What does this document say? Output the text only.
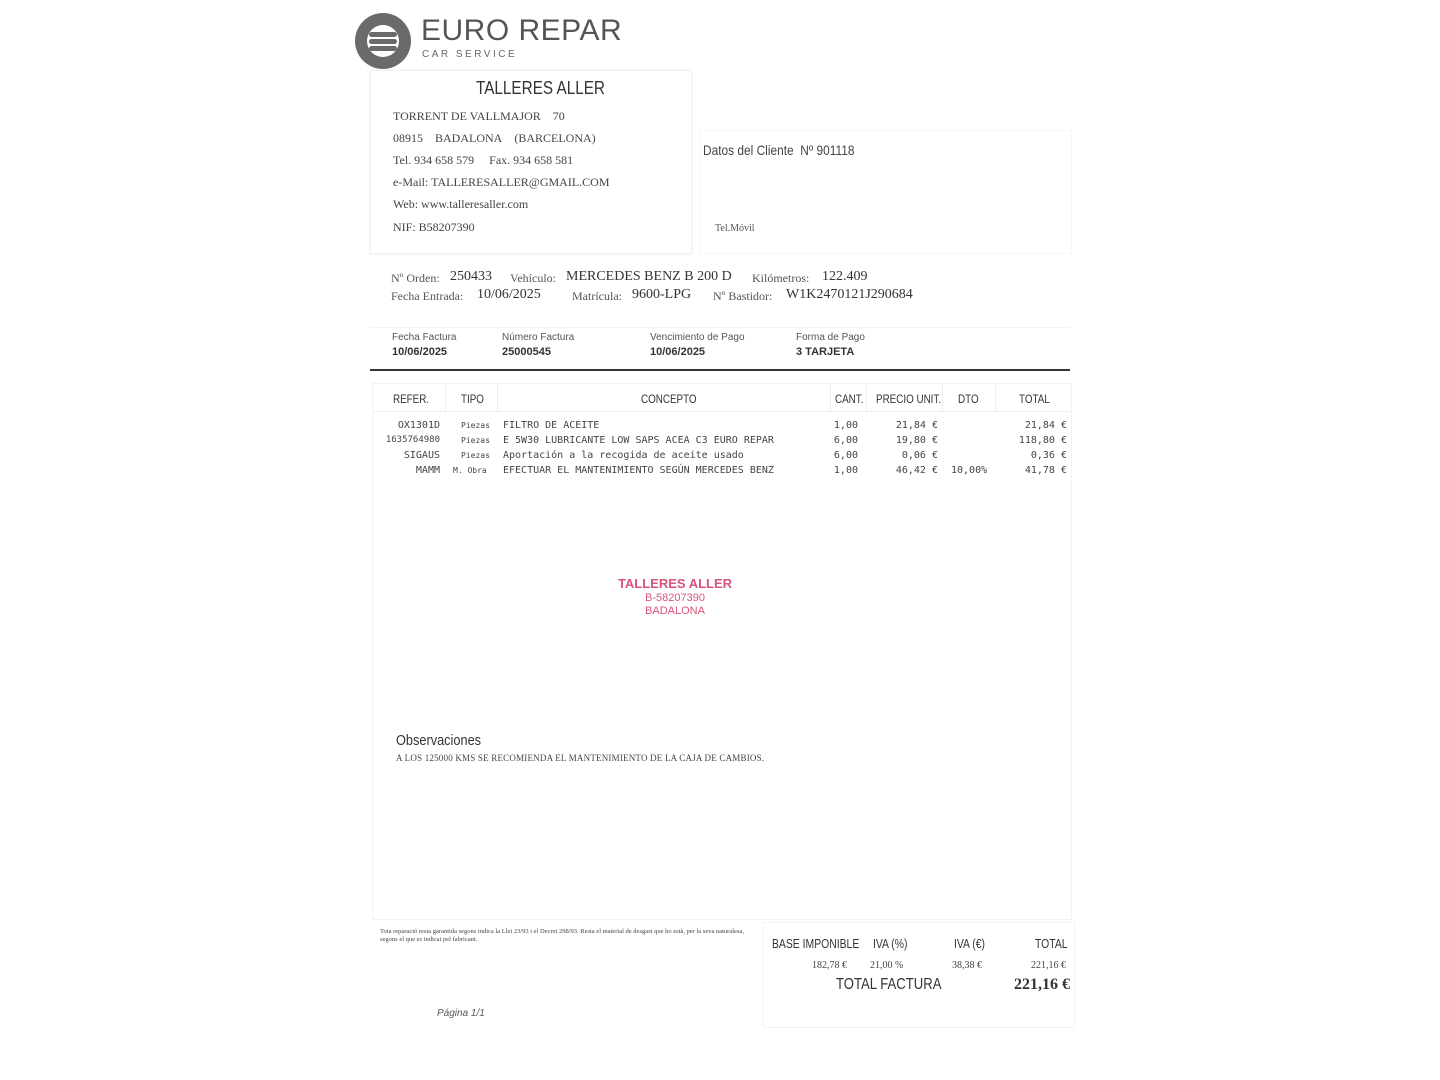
EURO REPAR
CAR SERVICE
TALLERES ALLER
TORRENT DE VALLMAJOR 70
08915 BADALONA (BARCELONA)
Tel. 934 658 579 Fax. 934 658 581
e-Mail: TALLERESALLER@GMAIL.COM
Web: www.talleresaller.com
NIF: B58207390
Datos del Cliente Nº 901118
Tel.Móvil
Nº Orden: 250433 Vehículo: MERCEDES BENZ B 200 D Kilómetros: 122.409
Fecha Entrada: 10/06/2025	Matrícula: 9600-LPG Nº Bastidor: W1K2470121J290684
Fecha Factura
10/06/2025
Número Factura
25000545
Vencimiento de Pago
10/06/2025
Forma de Pago
3 TARJETA
REFER.	TIPO	CONCEPTO	CANT. PRECIO UNIT. DTO	TOTAL
OX1301D	Piezas FILTRO DE ACEITE	1,00	21,84 €	21,84 €
1635764980	Piezas E 5W30 LUBRICANTE LOW SAPS ACEA C3 EURO REPAR	6,00	19,80 €	118,80 €
SIGAUS	Piezas Aportación a la recogida de aceite usado	6,00	0,06 €	0,36 €
MAMM M. Obra EFECTUAR EL MANTENIMIENTO SEGÚN MERCEDES BENZ	1,00	46,42 € 10,00%	41,78 €
TALLERES ALLER
B-58207390
BADALONA
Observaciones
A LOS 125000 KMS SE RECOMIENDA EL MANTENIMIENTO DE LA CAJA DE CAMBIOS.
Tota reparació resta garantida segons indica la Llei 23/93 i el Decret 298/93. Resta el material de desgast que ho està, per la seva naturalesa, segons el que es indicat pel fabricant.	BASE IMPONIBLE IVA (%)	IVA (€)	TOTAL
182,78 € 21,00 %	38,38 €	221,16 €
TOTAL FACTURA	221,16 €
Página 1/1
